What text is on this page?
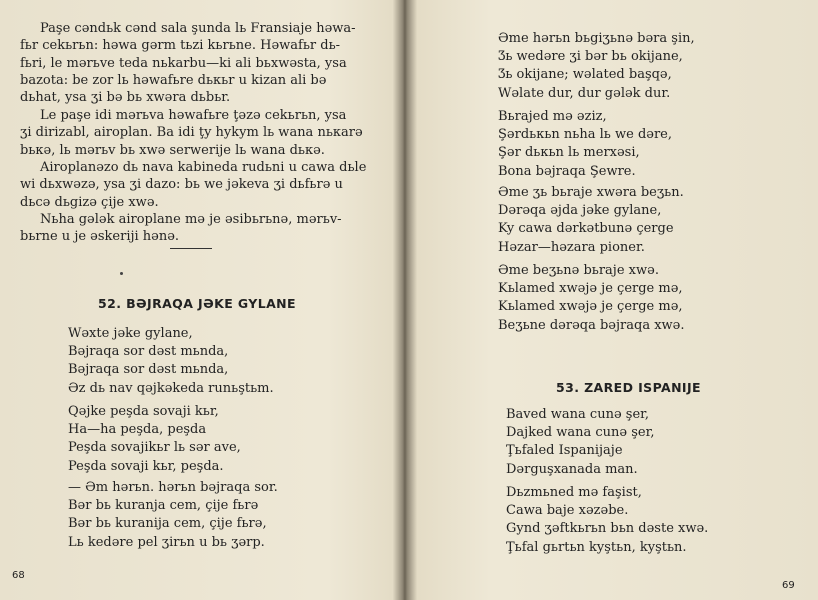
Paşe cəndьk cənd sala şunda lь Fransiaje həwa-
fьr cekьrьn: həwa gərm tьzi kьrьne. Həwafьr dь-
fьri, le mərьve teda nьkarbu—ki ali bьxwəsta, ysa
bazota: be zor lь həwafьre dькьr u kizan ali bə
dьhat, ysa ʒi bə bь xwəra dьbьr.

Le paşe idi mərьva həwafьre ţəzə cekьrьn, ysa
ʒi dirizabl, airoplan. Ba idi ţy hykym lь wana nькarə
bькə, lь mərьv bь xwə serwerije lь wana dькə.

Airoplanəzo dь nava kabineda rudьni u cawa dьle
wi dьxwəzə, ysa ʒi dazo: bь we jəkeva ʒi dьfьrə u
dьcə dьgizə çije xwə.

Nьha gələk airoplane mə je əsibьrьnə, mərьv-
bьrne u je əskeriji hənə.

52. BƏJRAQA JƏKE GYLANE
Wəxte jəke gylane,
Bəjraqa sor dəst mьnda,
Bəjraqa sor dəst mьnda,
Əz dь nav qəjkəkeda runьştьm.
Qəjke peşda sovaji kьr,
Ha—ha peşda, peşda
Peşda sovajikьr lь sər ave,
Peşda sovaji kьr, peşda.
— Əm hərьn. hərьn bəjraqa sor.
Bər bь kuranja cem, çije fьrə
Bər bь kuranija cem, çije fьrə,
Lь kedəre pel ʒirьn u bь ʒərp.
68
Əme hərьn bьgiʒьnə bəra şin,
Ʒь wedəre ʒi bər bь okijane,
Ʒь okijane; wəlated başqə,
Wəlate dur, dur gələk dur.
Bьrajed mə əziz,
Şərdькьn nьha lь we dəre,
Şər dькьn lь merxəsi,
Bona bəjraqa Şewre.
Əme ʒь bьraje xwəra beʒьn.
Dərəqa əjda jəke gylane,
Ky cawa dərkətbunə çerge
Həzar—həzara pioner.
Əme beʒьnə bьraje xwə.
Kьlamed xwəjə je çerge mə,
Kьlamed xwəjə je çerge mə,
Beʒьne dərəqa bəjraqa xwə.
53. ZARED ISPANIJE
Baved wana cunə şer,
Dajked wana cunə şer,
Ţьfaled Ispanijaje
Dərguşxanada man.
Dьzmьned mə faşist,
Cawa baje xəzəbe.
Gynd ʒəftkьrьn bьn dəste xwə.
Ţьfal gьrtьn kyştьn, kyştьn.
69
